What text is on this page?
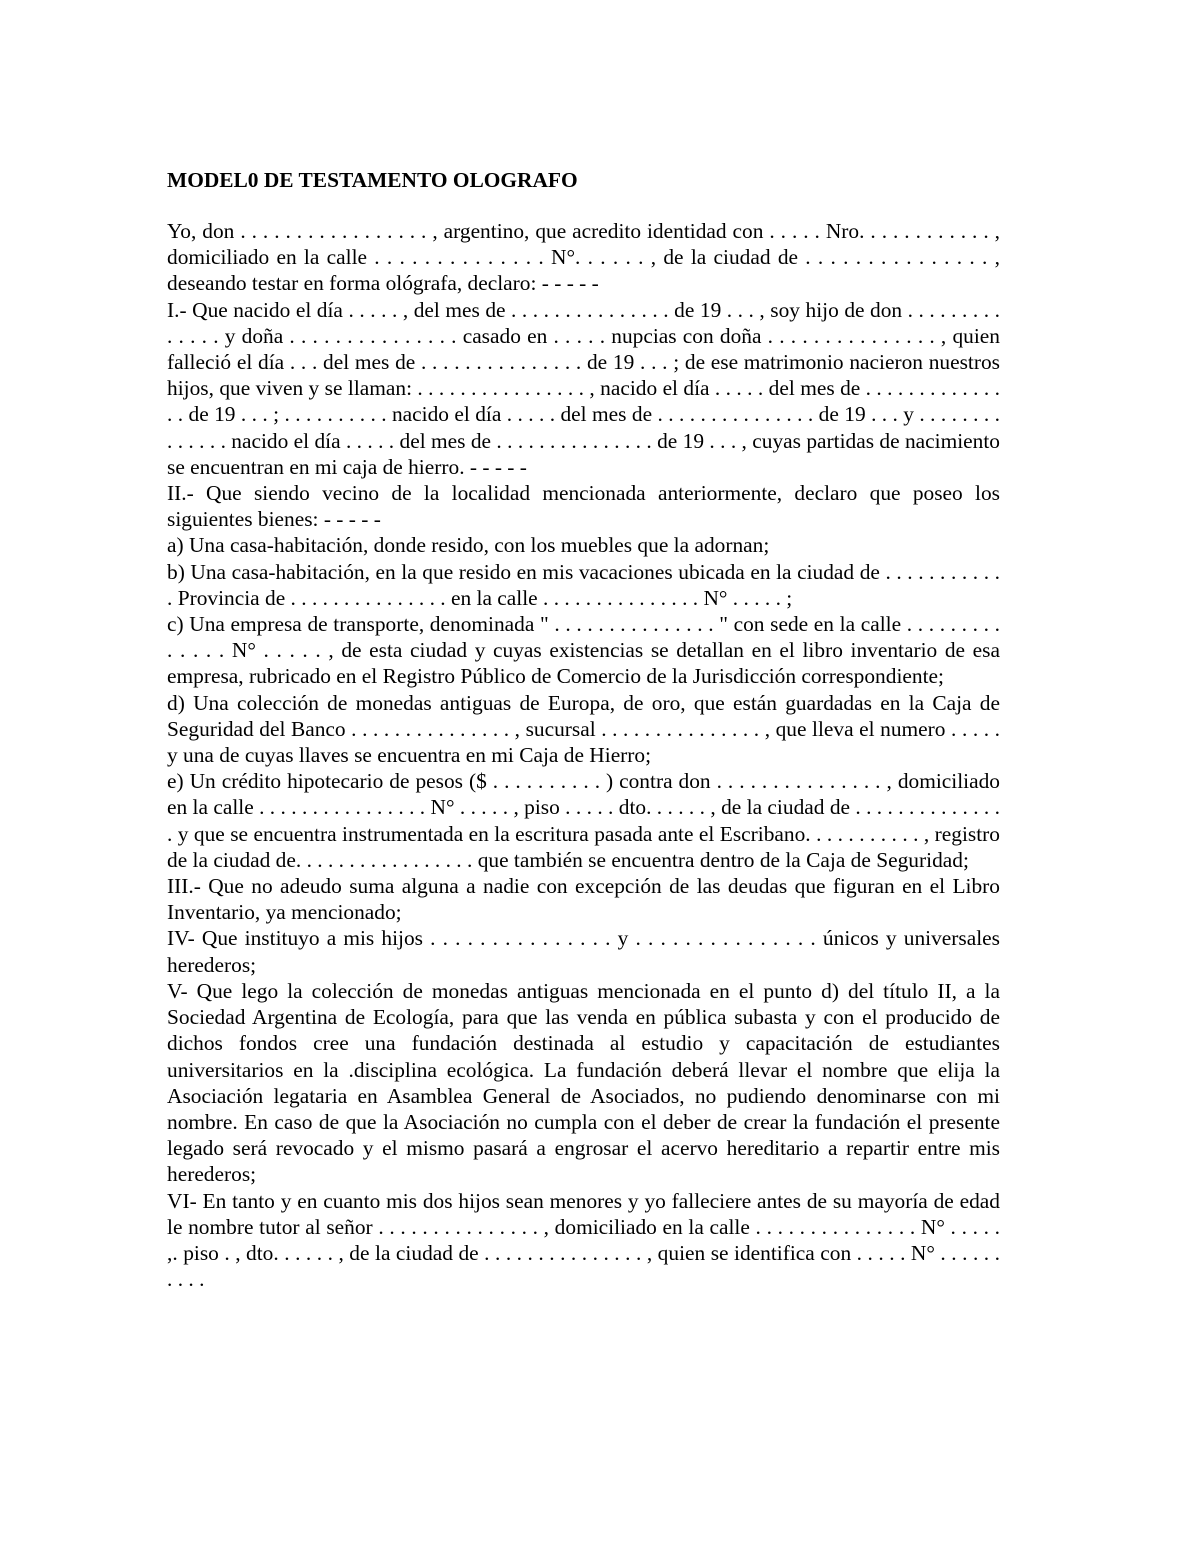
MODEL0 DE TESTAMENTO OLOGRAFO

Yo, don . . . . . . . . . . . . . . . . . , argentino, que acredito identidad con . . . . . Nro. . . . . . . . . . . . , domiciliado en la calle . . . . . . . . . . . . . . N°. . . . . . , de la ciudad de . . . . . . . . . . . . . . . , deseando testar en forma ológrafa, declaro: - - - - -

I.- Que nacido el día . . . . . , del mes de . . . . . . . . . . . . . . . de 19 . . . , soy hijo de don . . . . . . . . . . . . . . y doña . . . . . . . . . . . . . . . casado en . . . . . nupcias con doña . . . . . . . . . . . . . . . , quien falleció el día . . . del mes de . . . . . . . . . . . . . . . de 19 . . . ; de ese matrimonio nacieron nuestros hijos, que viven y se llaman: . . . . . . . . . . . . . . . . , nacido el día . . . . . del mes de . . . . . . . . . . . . . . . de 19 . . . ; . . . . . . . . . . nacido el día . . . . . del mes de . . . . . . . . . . . . . . . de 19 . . . y . . . . . . . . . . . . . . nacido el día . . . . . del mes de . . . . . . . . . . . . . . . de 19 . . . , cuyas partidas de nacimiento se encuentran en mi caja de hierro. - - - - -

II.- Que siendo vecino de la localidad mencionada anteriormente, declaro que poseo los siguientes bienes: - - - - -

a) Una casa-habitación, donde resido, con los muebles que la adornan;

b) Una casa-habitación, en la que resido en mis vacaciones ubicada en la ciudad de . . . . . . . . . . . . Provincia de . . . . . . . . . . . . . . . en la calle . . . . . . . . . . . . . . . N° . . . . . ;

c) Una empresa de transporte, denominada " . . . . . . . . . . . . . . . " con sede en la calle . . . . . . . . . . . . . . N° . . . . . , de esta ciudad y cuyas existencias se detallan en el libro inventario de esa empresa, rubricado en el Registro Público de Comercio de la Jurisdicción correspondiente;

d) Una colección de monedas antiguas de Europa, de oro, que están guardadas en la Caja de Seguridad del Banco . . . . . . . . . . . . . . . , sucursal . . . . . . . . . . . . . . . , que lleva el numero . . . . . y una de cuyas llaves se encuentra en mi Caja de Hierro;

e) Un crédito hipotecario de pesos ($ . . . . . . . . . . ) contra don . . . . . . . . . . . . . . . , domiciliado en la calle . . . . . . . . . . . . . . . . N° . . . . . , piso . . . . . dto. . . . . . , de la ciudad de . . . . . . . . . . . . . . . y que se encuentra instrumentada en la escritura pasada ante el Escribano. . . . . . . . . . . , registro de la ciudad de. . . . . . . . . . . . . . . . . que también se encuentra dentro de la Caja de Seguridad;

III.- Que no adeudo suma alguna a nadie con excepción de las deudas que figuran en el Libro Inventario, ya mencionado;

IV- Que instituyo a mis hijos . . . . . . . . . . . . . . . y . . . . . . . . . . . . . . . únicos y universales herederos;

V- Que lego la colección de monedas antiguas mencionada en el punto d) del título II, a la Sociedad Argentina de Ecología, para que las venda en pública subasta y con el producido de dichos fondos cree una fundación destinada al estudio y capacitación de estudiantes universitarios en la .disciplina ecológica. La fundación deberá llevar el nombre que elija la Asociación legataria en Asamblea General de Asociados, no pudiendo denominarse con mi nombre. En caso de que la Asociación no cumpla con el deber de crear la fundación el presente legado será revocado y el mismo pasará a engrosar el acervo hereditario a repartir entre mis herederos;

VI- En tanto y en cuanto mis dos hijos sean menores y yo falleciere antes de su mayoría de edad le nombre tutor al señor . . . . . . . . . . . . . . . , domiciliado en la calle . . . . . . . . . . . . . . . N° . . . . . ,. piso . , dto. . . . . . , de la ciudad de . . . . . . . . . . . . . . . , quien se identifica con . . . . . N° . . . . . . . . . .
